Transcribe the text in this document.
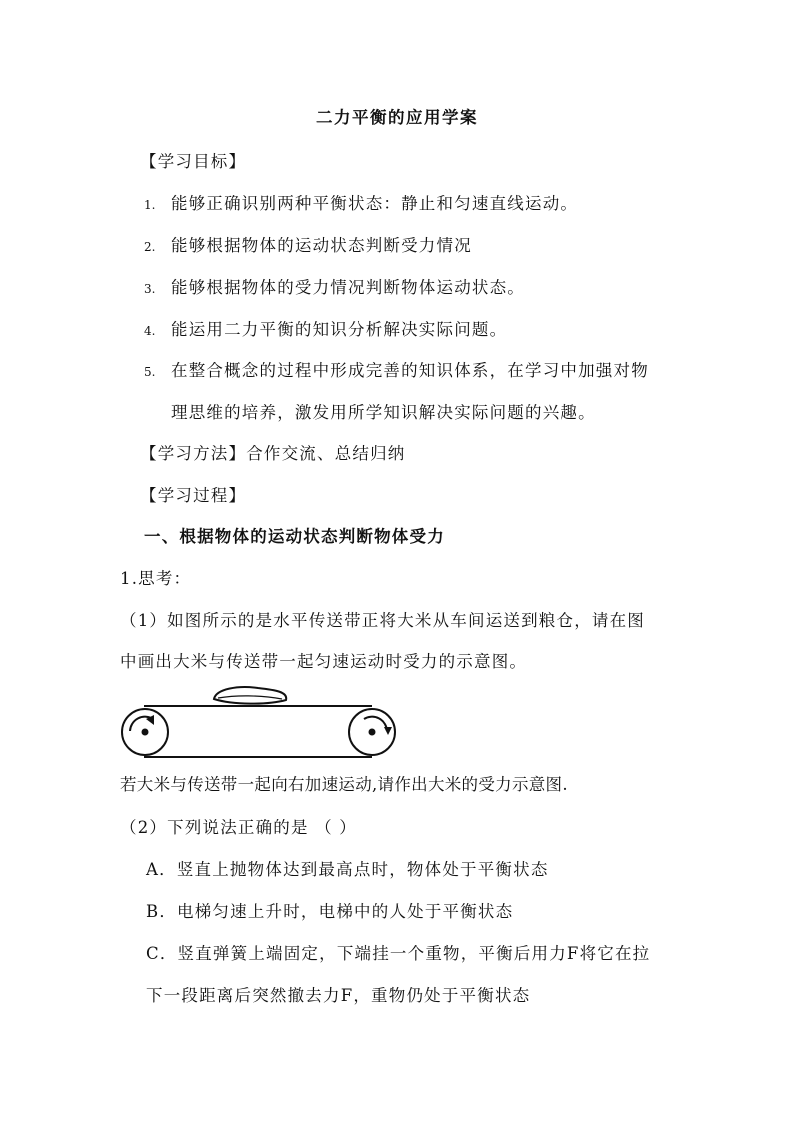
二力平衡的应用学案
【学习目标】
1. 能够正确识别两种平衡状态：静止和匀速直线运动。
2. 能够根据物体的运动状态判断受力情况
3. 能够根据物体的受力情况判断物体运动状态。
4. 能运用二力平衡的知识分析解决实际问题。
5. 在整合概念的过程中形成完善的知识体系，在学习中加强对物
理思维的培养，激发用所学知识解决实际问题的兴趣。
【学习方法】合作交流、总结归纳
【学习过程】
一、根据物体的运动状态判断物体受力
1.思考：
（1）如图所示的是水平传送带正将大米从车间运送到粮仓，请在图
中画出大米与传送带一起匀速运动时受力的示意图。
若大米与传送带一起向右加速运动,请作出大米的受力示意图.
（2）下列说法正确的是 （ ）
A．竖直上抛物体达到最高点时，物体处于平衡状态
B．电梯匀速上升时，电梯中的人处于平衡状态
C．竖直弹簧上端固定，下端挂一个重物，平衡后用力F将它在拉
下一段距离后突然撤去力F，重物仍处于平衡状态
